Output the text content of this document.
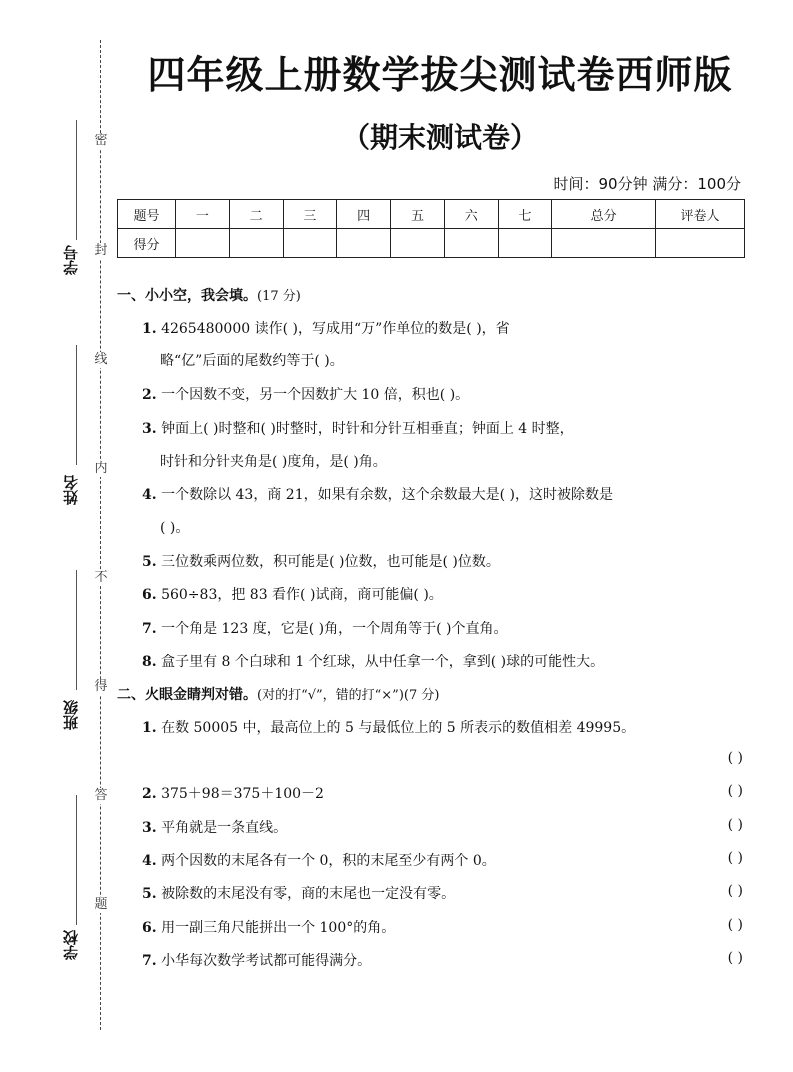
密
封
线
内
不
得
答
题
学号
姓名
班级
学校
四年级上册数学拔尖测试卷西师版
（期末测试卷）
时间：90分钟 满分：100分
题号	一	二	三	四	五	六	七	总分	评卷人
得分									
一、小小空，我会填。(17 分)
1. 4265480000 读作( )，写成用“万”作单位的数是( )，省
略“亿”后面的尾数约等于( )。
2. 一个因数不变，另一个因数扩大 10 倍，积也( )。
3. 钟面上( )时整和( )时整时，时针和分针互相垂直；钟面上 4 时整，
时针和分针夹角是( )度角，是( )角。
4. 一个数除以 43，商 21，如果有余数，这个余数最大是( )，这时被除数是
( )。
5. 三位数乘两位数，积可能是( )位数，也可能是( )位数。
6. 560÷83，把 83 看作( )试商，商可能偏( )。
7. 一个角是 123 度，它是( )角，一个周角等于( )个直角。
8. 盒子里有 8 个白球和 1 个红球，从中任拿一个，拿到( )球的可能性大。
二、火眼金睛判对错。(对的打“√”，错的打“×”)(7 分)
1. 在数 50005 中，最高位上的 5 与最低位上的 5 所表示的数值相差 49995。
( )
2. 375＋98＝375＋100－2	( )
3. 平角就是一条直线。	( )
4. 两个因数的末尾各有一个 0，积的末尾至少有两个 0。	( )
5. 被除数的末尾没有零，商的末尾也一定没有零。	( )
6. 用一副三角尺能拼出一个 100°的角。	( )
7. 小华每次数学考试都可能得满分。	( )
